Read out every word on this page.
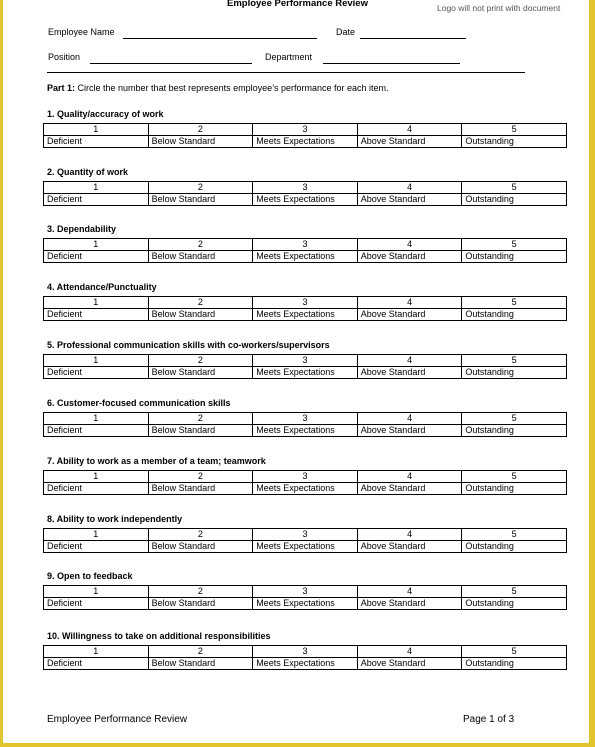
Employee Performance Review	Logo will not print with document
Employee Name	Date
Position	Department
Part 1: Circle the number that best represents employee’s performance for each item.
1. Quality/accuracy of work
1	2	3	4	5
Deficient	Below Standard	Meets Expectations	Above Standard	Outstanding
2. Quantity of work
1	2	3	4	5
Deficient	Below Standard	Meets Expectations	Above Standard	Outstanding
3. Dependability
1	2	3	4	5
Deficient	Below Standard	Meets Expectations	Above Standard	Outstanding
4. Attendance/Punctuality
1	2	3	4	5
Deficient	Below Standard	Meets Expectations	Above Standard	Outstanding
5. Professional communication skills with co-workers/supervisors
1	2	3	4	5
Deficient	Below Standard	Meets Expectations	Above Standard	Outstanding
6. Customer-focused communication skills
1	2	3	4	5
Deficient	Below Standard	Meets Expectations	Above Standard	Outstanding
7. Ability to work as a member of a team; teamwork
1	2	3	4	5
Deficient	Below Standard	Meets Expectations	Above Standard	Outstanding
8. Ability to work independently
1	2	3	4	5
Deficient	Below Standard	Meets Expectations	Above Standard	Outstanding
9. Open to feedback
1	2	3	4	5
Deficient	Below Standard	Meets Expectations	Above Standard	Outstanding
10. Willingness to take on additional responsibilities
1	2	3	4	5
Deficient	Below Standard	Meets Expectations	Above Standard	Outstanding
Employee Performance Review	Page 1 of 3
